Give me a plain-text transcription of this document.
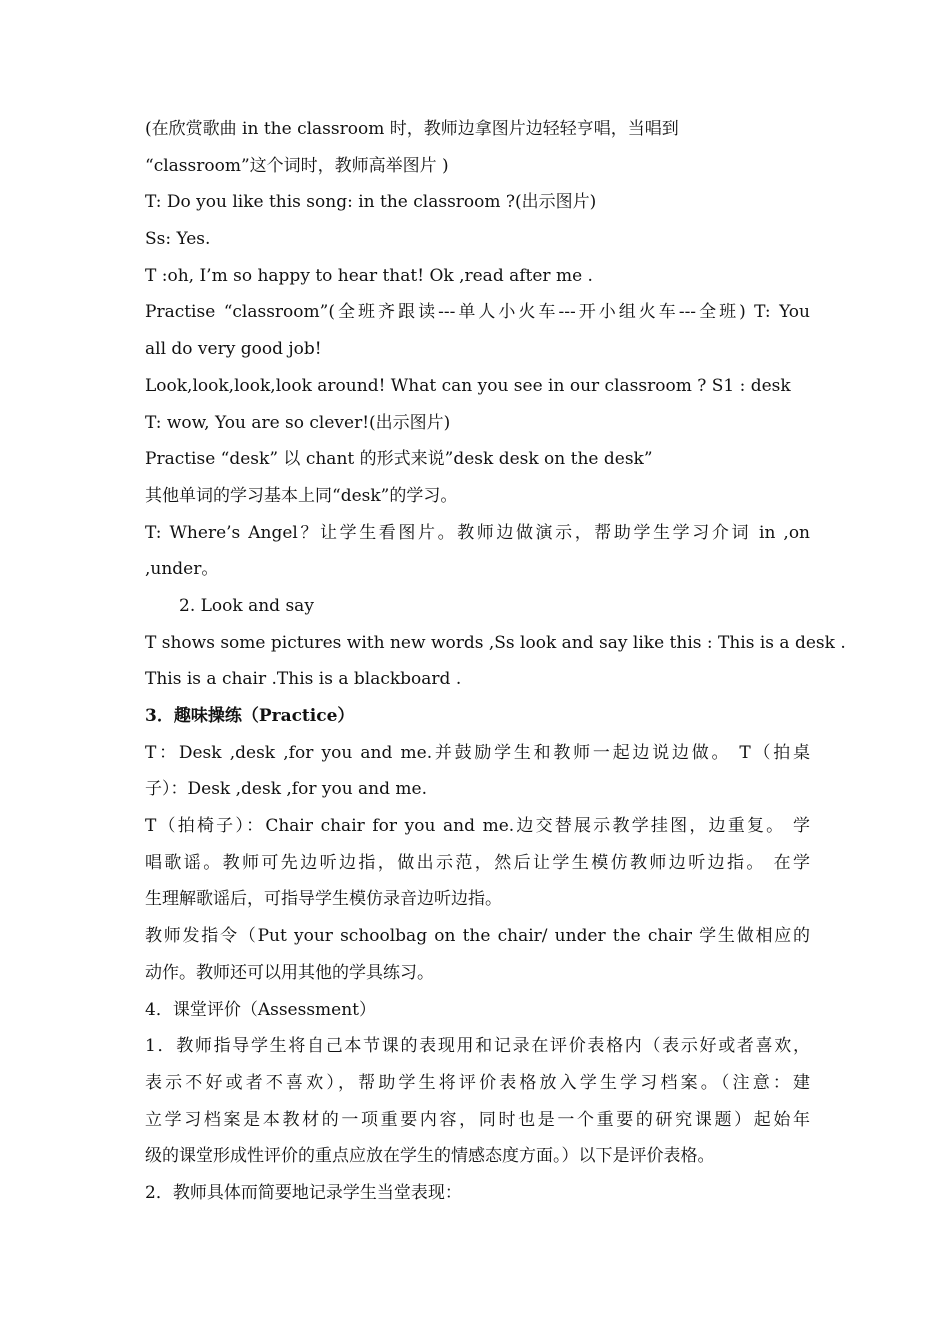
(在欣赏歌曲 in the classroom 时，教师边拿图片边轻轻亨唱，当唱到
“classroom”这个词时，教师高举图片 )
T: Do you like this song: in the classroom ?(出示图片)
Ss: Yes.
T :oh, I’m so happy to hear that! Ok ,read after me .
Practise “classroom”(全班齐跟读---单人小火车---开小组火车---全班) T: You
all do very good job!
Look,look,look,look around! What can you see in our classroom ? S1 : desk
T: wow, You are so clever!(出示图片)
Practise “desk” 以 chant 的形式来说”desk desk on the desk”
其他单词的学习基本上同“desk”的学习。
T: Where’s Angel？让学生看图片。教师边做演示，帮助学生学习介词 in ,on
,under。
2. Look and say
T shows some pictures with new words ,Ss look and say like this : This is a desk .
This is a chair .This is a blackboard .
3．趣味操练（Practice）
T：Desk ,desk ,for you and me.并鼓励学生和教师一起边说边做。 T（拍桌
子）：Desk ,desk ,for you and me.
T（拍椅子）：Chair chair for you and me.边交替展示教学挂图，边重复。 学
唱歌谣。教师可先边听边指，做出示范，然后让学生模仿教师边听边指。 在学
生理解歌谣后，可指导学生模仿录音边听边指。
教师发指令（Put your schoolbag on the chair/ under the chair 学生做相应的
动作。教师还可以用其他的学具练习。
4．课堂评价（Assessment）
1．教师指导学生将自己本节课的表现用和记录在评价表格内（表示好或者喜欢，
表示不好或者不喜欢），帮助学生将评价表格放入学生学习档案。（注意：建
立学习档案是本教材的一项重要内容，同时也是一个重要的研究课题）起始年
级的课堂形成性评价的重点应放在学生的情感态度方面。）以下是评价表格。
2．教师具体而简要地记录学生当堂表现：
